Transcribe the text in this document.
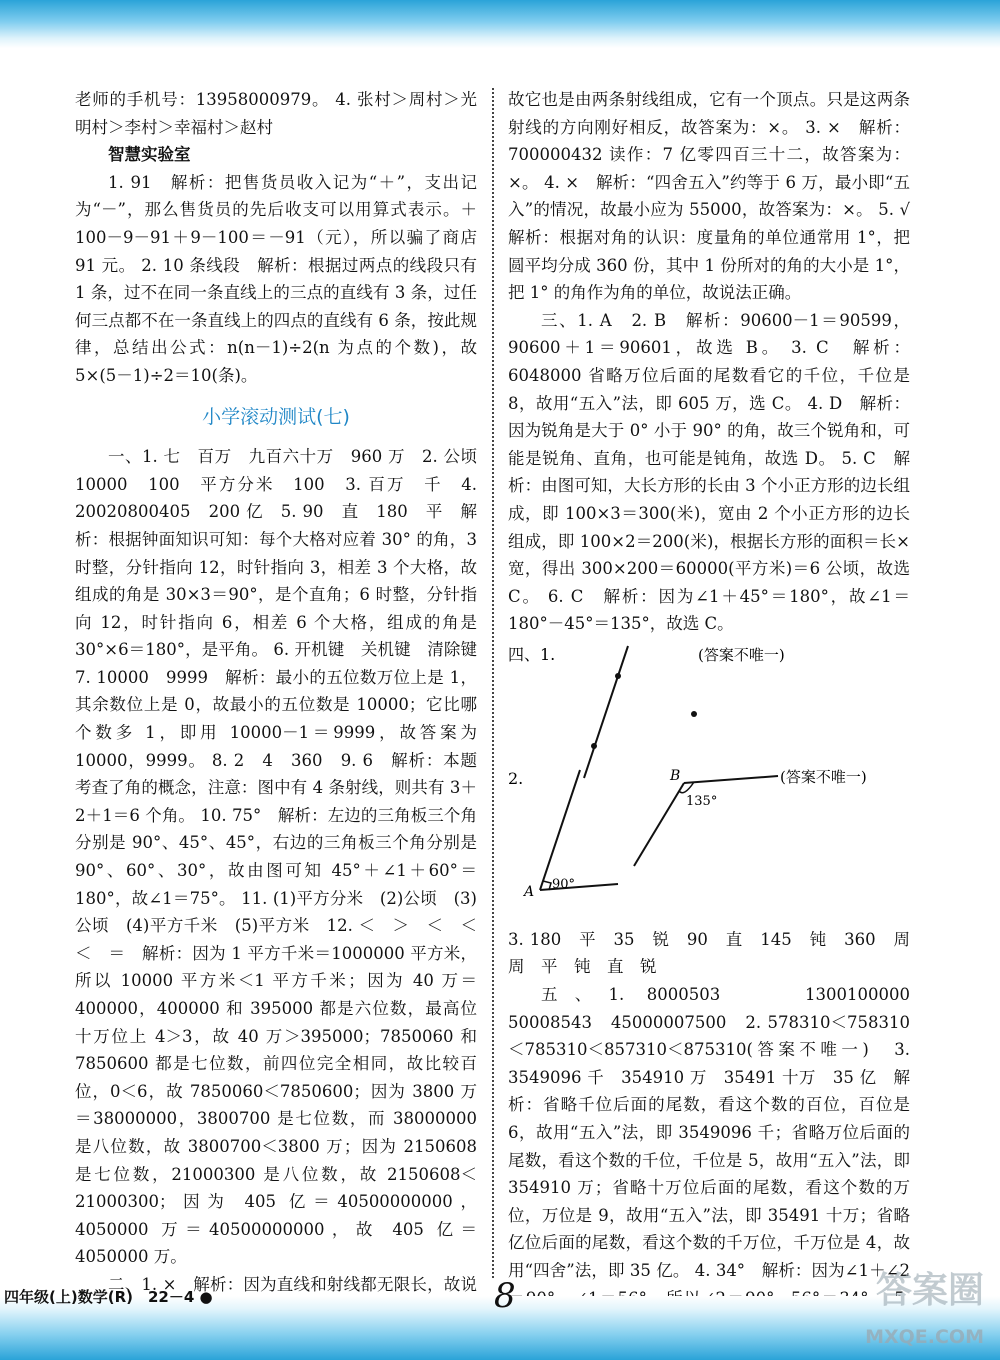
老师的手机号：13958000979。 4. 张村＞周村＞光明村＞李村＞幸福村＞赵村

智慧实验室

1. 91　解析：把售货员收入记为“＋”，支出记为“－”，那么售货员的先后收支可以用算式表示。＋100－9－91＋9－100＝－91（元），所以骗了商店 91 元。 2. 10 条线段　解析：根据过两点的线段只有 1 条，过不在同一条直线上的三点的直线有 3 条，过任何三点都不在一条直线上的四点的直线有 6 条，按此规律，总结出公式：n(n－1)÷2(n 为点的个数)，故 5×(5－1)÷2＝10(条)。

小学滚动测试(七)

一、1. 七　百万　九百六十万　960 万　2. 公顷　10000　100　平方分米　100　3. 百万　千　4. 20020800405　200 亿　5. 90　直　180　平　解析：根据钟面知识可知：每个大格对应着 30° 的角，3 时整，分针指向 12，时针指向 3，相差 3 个大格，故组成的角是 30×3＝90°，是个直角；6 时整，分针指向 12，时针指向 6，相差 6 个大格，组成的角是 30°×6＝180°，是平角。 6. 开机键　关机键　清除键　7. 10000　9999　解析：最小的五位数万位上是 1，其余数位上是 0，故最小的五位数是 10000；它比哪个数多 1，即用 10000－1＝9999，故答案为 10000，9999。 8. 2　4　360　9. 6　解析：本题考查了角的概念，注意：图中有 4 条射线，则共有 3＋2＋1＝6 个角。 10. 75°　解析：左边的三角板三个角分别是 90°、45°、45°，右边的三角板三个角分别是 90°、60°、30°，故由图可知 45°＋∠1＋60°＝180°，故∠1＝75°。 11. (1)平方分米　(2)公顷　(3)公顷　(4)平方千米　(5)平方米　12. ＜　＞　＜　＜　＜　＝　解析：因为 1 平方千米＝1000000 平方米，所以 10000 平方米＜1 平方千米；因为 40 万＝400000，400000 和 395000 都是六位数，最高位十万位上 4＞3，故 40 万＞395000；7850060 和 7850600 都是七位数，前四位完全相同，故比较百位，0＜6，故 7850060＜7850600；因为 3800 万＝38000000，3800700 是七位数，而 38000000 是八位数，故 3800700＜3800 万；因为 2150608 是七位数，21000300 是八位数，故 2150608＜21000300；因为 405 亿＝40500000000，4050000 万＝40500000000，故 405 亿＝4050000 万。

二、1. ×　解析：因为直线和射线都无限长，故说 　

故它也是由两条射线组成，它有一个顶点。只是这两条射线的方向刚好相反，故答案为：×。 3. ×　解析：700000432 读作：7 亿零四百三十二，故答案为：×。 4. ×　解析：“四舍五入”约等于 6 万，最小即“五入”的情况，故最小应为 55000，故答案为：×。 5. √　解析：根据对角的认识：度量角的单位通常用 1°，把圆平均分成 360 份，其中 1 份所对的角的大小是 1°，把 1° 的角作为角的单位，故说法正确。

三、1. A　2. B　解析：90600－1＝90599，90600＋1＝90601，故选 B。 3. C　解析：6048000 省略万位后面的尾数看它的千位，千位是 8，故用“五入”法，即 605 万，选 C。 4. D　解析：因为锐角是大于 0° 小于 90° 的角，故三个锐角和，可能是锐角、直角，也可能是钝角，故选 D。 5. C　解析：由图可知，大长方形的长由 3 个小正方形的边长组成，即 100×3＝300(米)，宽由 2 个小正方形的边长组成，即 100×2＝200(米)，根据长方形的面积＝长×宽，得出 300×200＝60000(平方米)＝6 公顷，故选 C。 6. C　解析：因为∠1＋45°＝180°，故∠1＝180°－45°＝135°，故选 C。

四、1.	(答案不唯一)
2.
A 90°
B
135°
(答案不唯一)

3. 180　平　35　锐　90　直　145　钝　360　周　周　平　钝　直　锐

五、1. 8000503　　1300100000　　50008543　45000007500　2. 578310＜758310＜785310＜857310＜875310(答案不唯一)　3. 3549096 千　354910 万　35491 十万　35 亿　解析：省略千位后面的尾数，看这个数的百位，百位是 6，故用“五入”法，即 3549096 千；省略万位后面的尾数，看这个数的千位，千位是 5，故用“五入”法，即 354910 万；省略十万位后面的尾数，看这个数的万位，万位是 9，故用“五入”法，即 35491 十万；省略亿位后面的尾数，看这个数的千万位，千万位是 4，故用“四舍”法，即 35 亿。 4. 34°　解析：因为∠1＋∠2 　　

四年级(上)数学(R)　22－4 ●	8	答案圈
MXQE.COM
